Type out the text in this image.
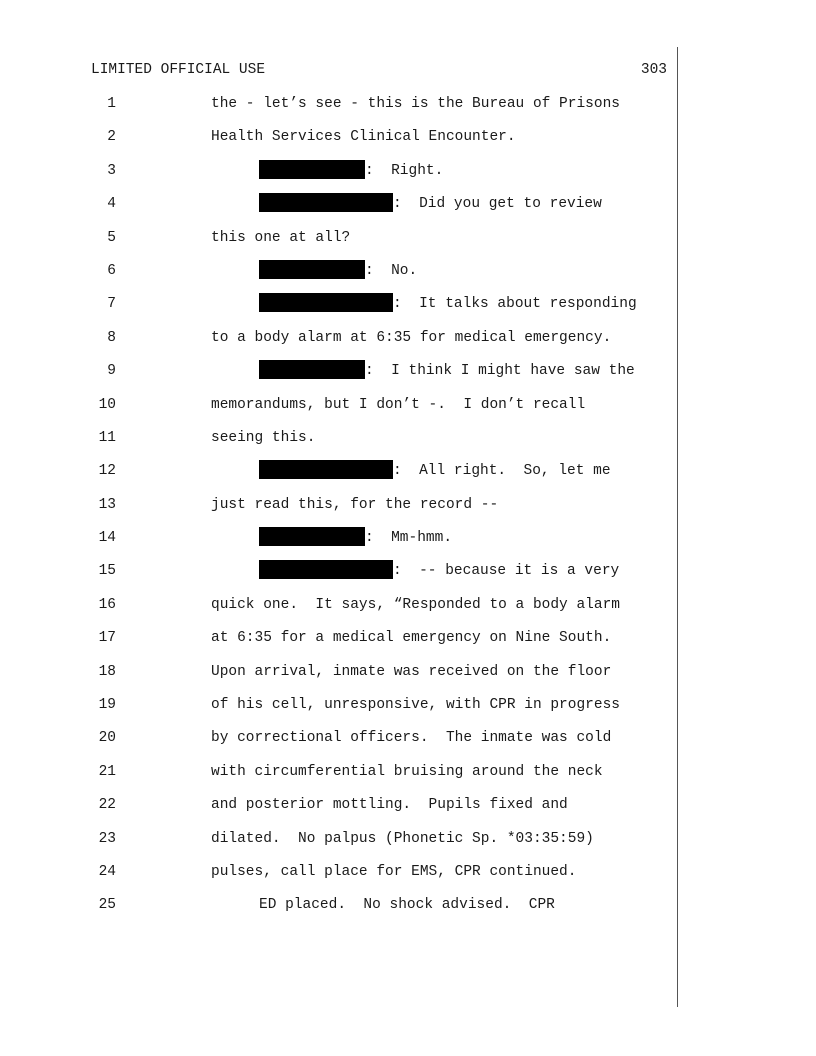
LIMITED OFFICIAL USE	303
1	the - let’s see - this is the Bureau of Prisons
2	Health Services Clinical Encounter.
3	:  Right.
4	:  Did you get to review
5	this one at all?
6	:  No.
7	:  It talks about responding
8	to a body alarm at 6:35 for medical emergency.
9	:  I think I might have saw the
10	memorandums, but I don’t -.  I don’t recall
11	seeing this.
12	:  All right.  So, let me
13	just read this, for the record --
14	:  Mm-hmm.
15	:  -- because it is a very
16	quick one.  It says, “Responded to a body alarm
17	at 6:35 for a medical emergency on Nine South.
18	Upon arrival, inmate was received on the floor
19	of his cell, unresponsive, with CPR in progress
20	by correctional officers.  The inmate was cold
21	with circumferential bruising around the neck
22	and posterior mottling.  Pupils fixed and
23	dilated.  No palpus (Phonetic Sp. *03:35:59)
24	pulses, call place for EMS, CPR continued.
25	ED placed.  No shock advised.  CPR
